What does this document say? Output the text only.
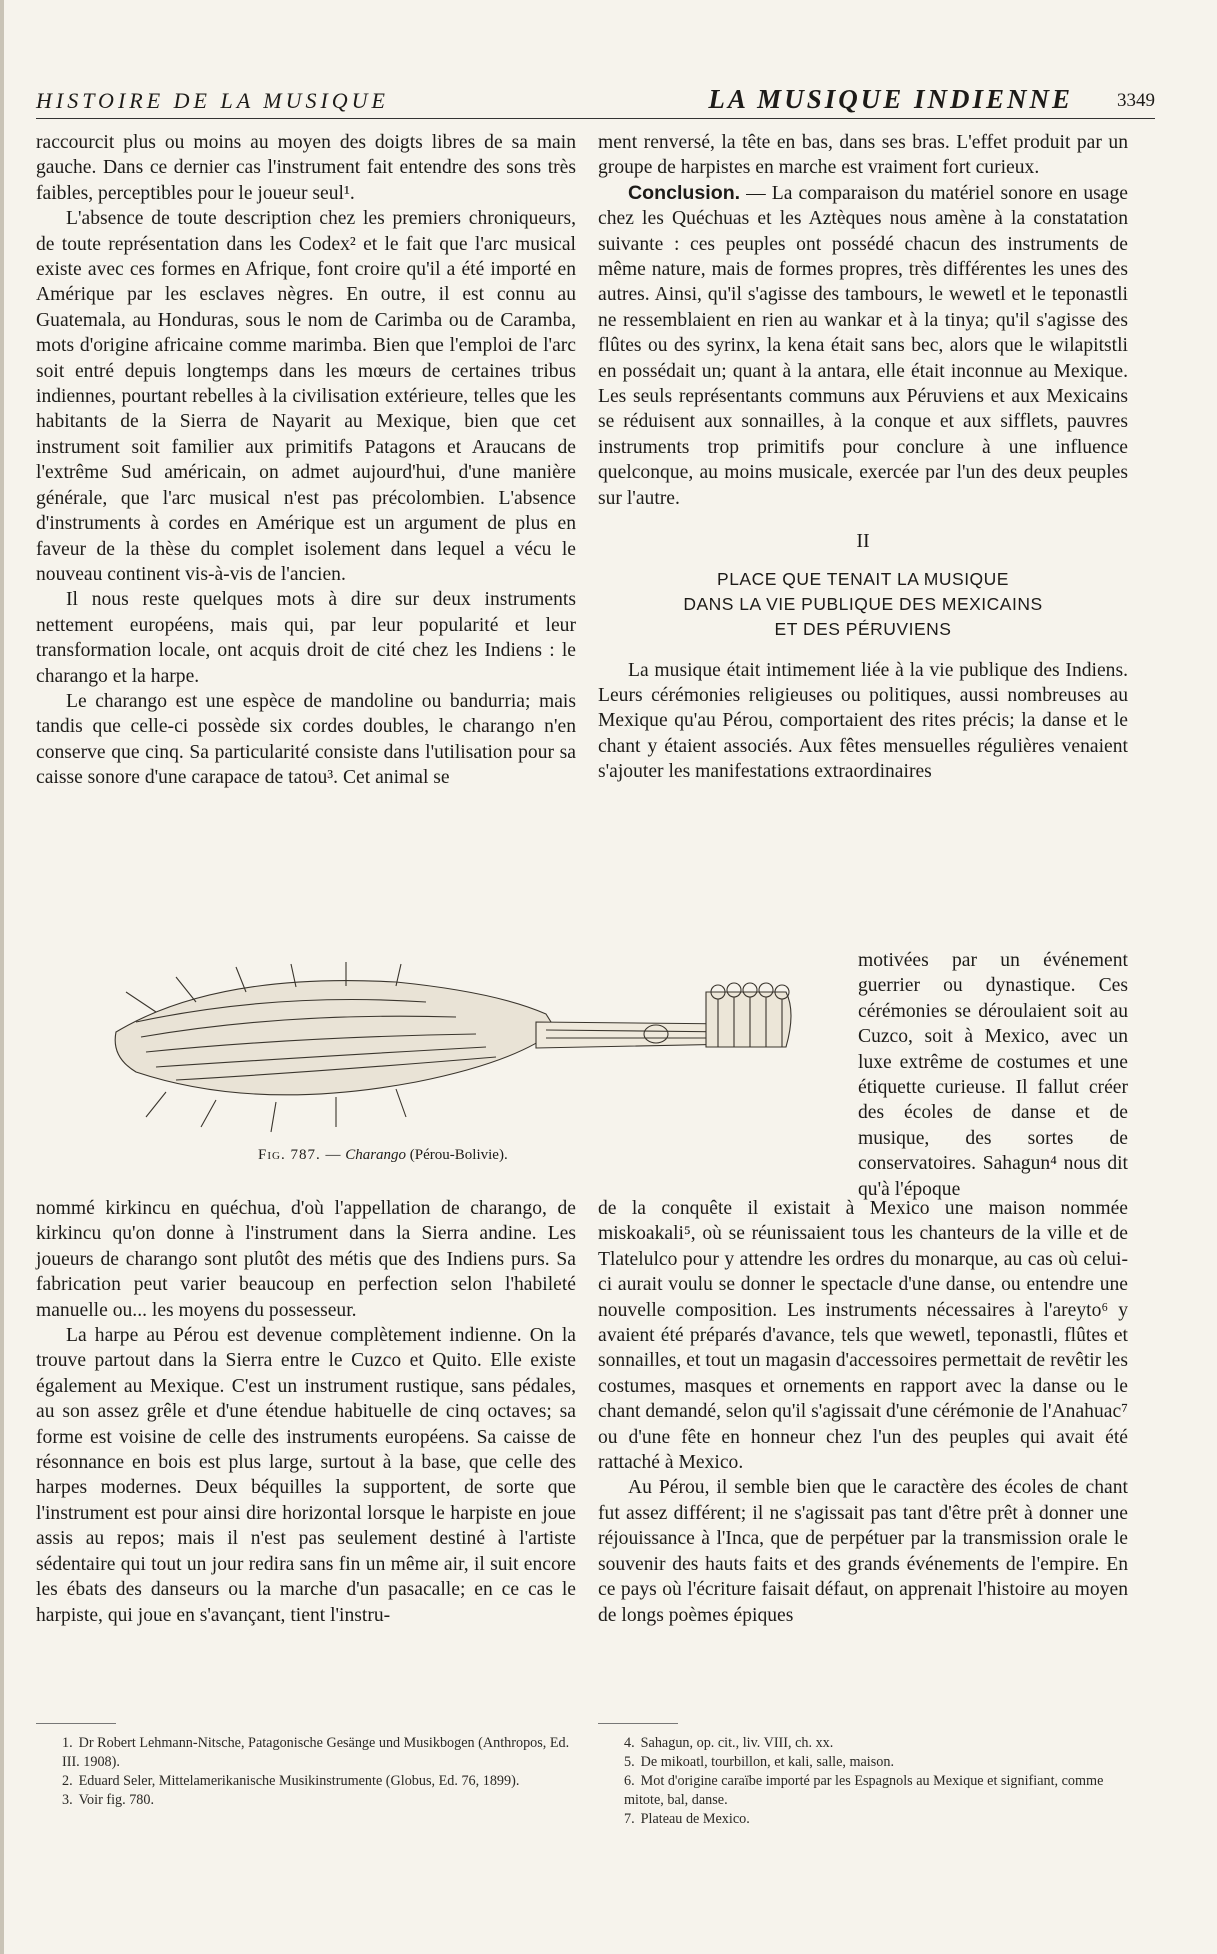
HISTOIRE DE LA MUSIQUE	LA MUSIQUE INDIENNE 3349

raccourcit plus ou moins au moyen des doigts libres de sa main gauche. Dans ce dernier cas l'instrument fait entendre des sons très faibles, perceptibles pour le joueur seul¹.

L'absence de toute description chez les premiers chroniqueurs, de toute représentation dans les Codex² et le fait que l'arc musical existe avec ces formes en Afrique, font croire qu'il a été importé en Amérique par les esclaves nègres. En outre, il est connu au Guatemala, au Honduras, sous le nom de Carimba ou de Caramba, mots d'origine africaine comme marimba. Bien que l'emploi de l'arc soit entré depuis longtemps dans les mœurs de certaines tribus indiennes, pourtant rebelles à la civilisation extérieure, telles que les habitants de la Sierra de Nayarit au Mexique, bien que cet instrument soit familier aux primitifs Patagons et Araucans de l'extrême Sud américain, on admet aujourd'hui, d'une manière générale, que l'arc musical n'est pas précolombien. L'absence d'instruments à cordes en Amérique est un argument de plus en faveur de la thèse du complet isolement dans lequel a vécu le nouveau continent vis-à-vis de l'ancien.

Il nous reste quelques mots à dire sur deux instruments nettement européens, mais qui, par leur popularité et leur transformation locale, ont acquis droit de cité chez les Indiens : le charango et la harpe.

Le charango est une espèce de mandoline ou bandurria; mais tandis que celle-ci possède six cordes doubles, le charango n'en conserve que cinq. Sa particularité consiste dans l'utilisation pour sa caisse sonore d'une carapace de tatou³. Cet animal se

ment renversé, la tête en bas, dans ses bras. L'effet produit par un groupe de harpistes en marche est vraiment fort curieux.

Conclusion. — La comparaison du matériel sonore en usage chez les Quéchuas et les Aztèques nous amène à la constatation suivante : ces peuples ont possédé chacun des instruments de même nature, mais de formes propres, très différentes les unes des autres. Ainsi, qu'il s'agisse des tambours, le wewetl et le teponastli ne ressemblaient en rien au wankar et à la tinya; qu'il s'agisse des flûtes ou des syrinx, la kena était sans bec, alors que le wilapitstli en possédait un; quant à la antara, elle était inconnue au Mexique. Les seuls représentants communs aux Péruviens et aux Mexicains se réduisent aux sonnailles, à la conque et aux sifflets, pauvres instruments trop primitifs pour conclure à une influence quelconque, au moins musicale, exercée par l'un des deux peuples sur l'autre.

II
PLACE QUE TENAIT LA MUSIQUE
DANS LA VIE PUBLIQUE DES MEXICAINS
ET DES PÉRUVIENS

La musique était intimement liée à la vie publique des Indiens. Leurs cérémonies religieuses ou politiques, aussi nombreuses au Mexique qu'au Pérou, comportaient des rites précis; la danse et le chant y étaient associés. Aux fêtes mensuelles régulières venaient s'ajouter les manifestations extraordinaires

Fig. 787. — Charango (Pérou-Bolivie).
motivées par un événement guerrier ou dynastique. Ces cérémonies se déroulaient soit au Cuzco, soit à Mexico, avec un luxe extrême de costumes et une étiquette curieuse. Il fallut créer des écoles de danse et de musique, des sortes de conservatoires. Sahagun⁴ nous dit qu'à l'époque

nommé kirkincu en quéchua, d'où l'appellation de charango, de kirkincu qu'on donne à l'instrument dans la Sierra andine. Les joueurs de charango sont plutôt des métis que des Indiens purs. Sa fabrication peut varier beaucoup en perfection selon l'habileté manuelle ou... les moyens du possesseur.

La harpe au Pérou est devenue complètement indienne. On la trouve partout dans la Sierra entre le Cuzco et Quito. Elle existe également au Mexique. C'est un instrument rustique, sans pédales, au son assez grêle et d'une étendue habituelle de cinq octaves; sa forme est voisine de celle des instruments européens. Sa caisse de résonnance en bois est plus large, surtout à la base, que celle des harpes modernes. Deux béquilles la supportent, de sorte que l'instrument est pour ainsi dire horizontal lorsque le harpiste en joue assis au repos; mais il n'est pas seulement destiné à l'artiste sédentaire qui tout un jour redira sans fin un même air, il suit encore les ébats des danseurs ou la marche d'un pasacalle; en ce cas le harpiste, qui joue en s'avançant, tient l'instru-

de la conquête il existait à Mexico une maison nommée miskoakali⁵, où se réunissaient tous les chanteurs de la ville et de Tlatelulco pour y attendre les ordres du monarque, au cas où celui-ci aurait voulu se donner le spectacle d'une danse, ou entendre une nouvelle composition. Les instruments nécessaires à l'areyto⁶ y avaient été préparés d'avance, tels que wewetl, teponastli, flûtes et sonnailles, et tout un magasin d'accessoires permettait de revêtir les costumes, masques et ornements en rapport avec la danse ou le chant demandé, selon qu'il s'agissait d'une cérémonie de l'Anahuac⁷ ou d'une fête en honneur chez l'un des peuples qui avait été rattaché à Mexico.

Au Pérou, il semble bien que le caractère des écoles de chant fut assez différent; il ne s'agissait pas tant d'être prêt à donner une réjouissance à l'Inca, que de perpétuer par la transmission orale le souvenir des hauts faits et des grands événements de l'empire. En ce pays où l'écriture faisait défaut, on apprenait l'histoire au moyen de longs poèmes épiques

1. Dr Robert Lehmann-Nitsche, Patagonische Gesänge und Musikbogen (Anthropos, Ed. III. 1908).
2. Eduard Seler, Mittelamerikanische Musikinstrumente (Globus, Ed. 76, 1899).
3. Voir fig. 780.
4. Sahagun, op. cit., liv. VIII, ch. xx.
5. De mikoatl, tourbillon, et kali, salle, maison.
6. Mot d'origine caraïbe importé par les Espagnols au Mexique et signifiant, comme mitote, bal, danse.
7. Plateau de Mexico.
